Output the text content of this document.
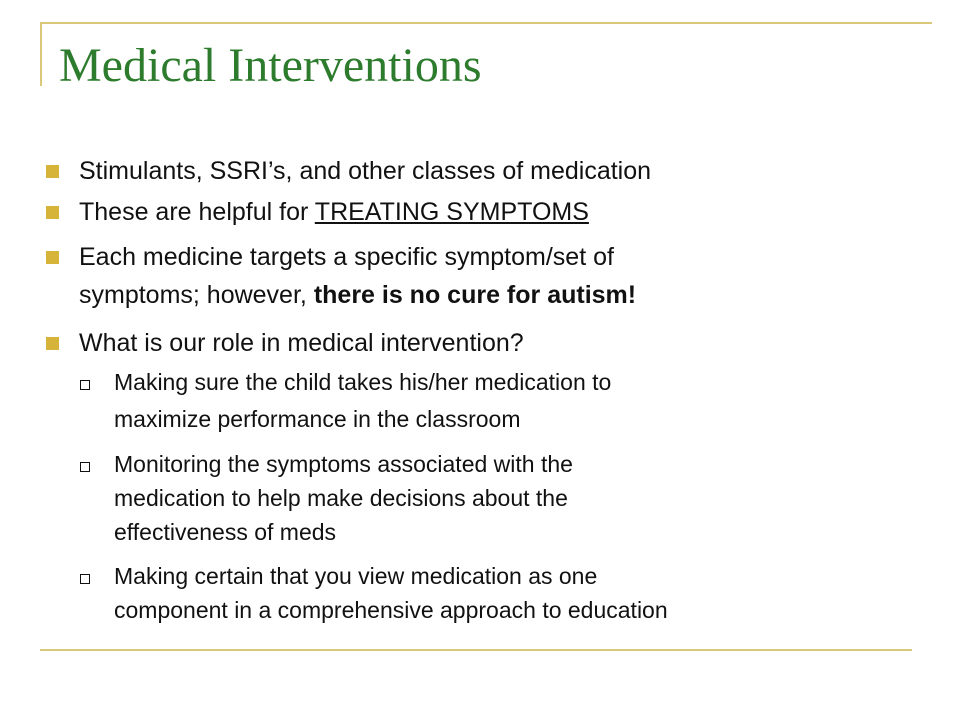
Medical Interventions
Stimulants, SSRI’s, and other classes of medication
These are helpful for TREATING SYMPTOMS
Each medicine targets a specific symptom/set of
symptoms; however, there is no cure for autism!
What is our role in medical intervention?
Making sure the child takes his/her medication to
maximize performance in the classroom
Monitoring the symptoms associated with the
medication to help make decisions about the
effectiveness of meds
Making certain that you view medication as one
component in a comprehensive approach to education
